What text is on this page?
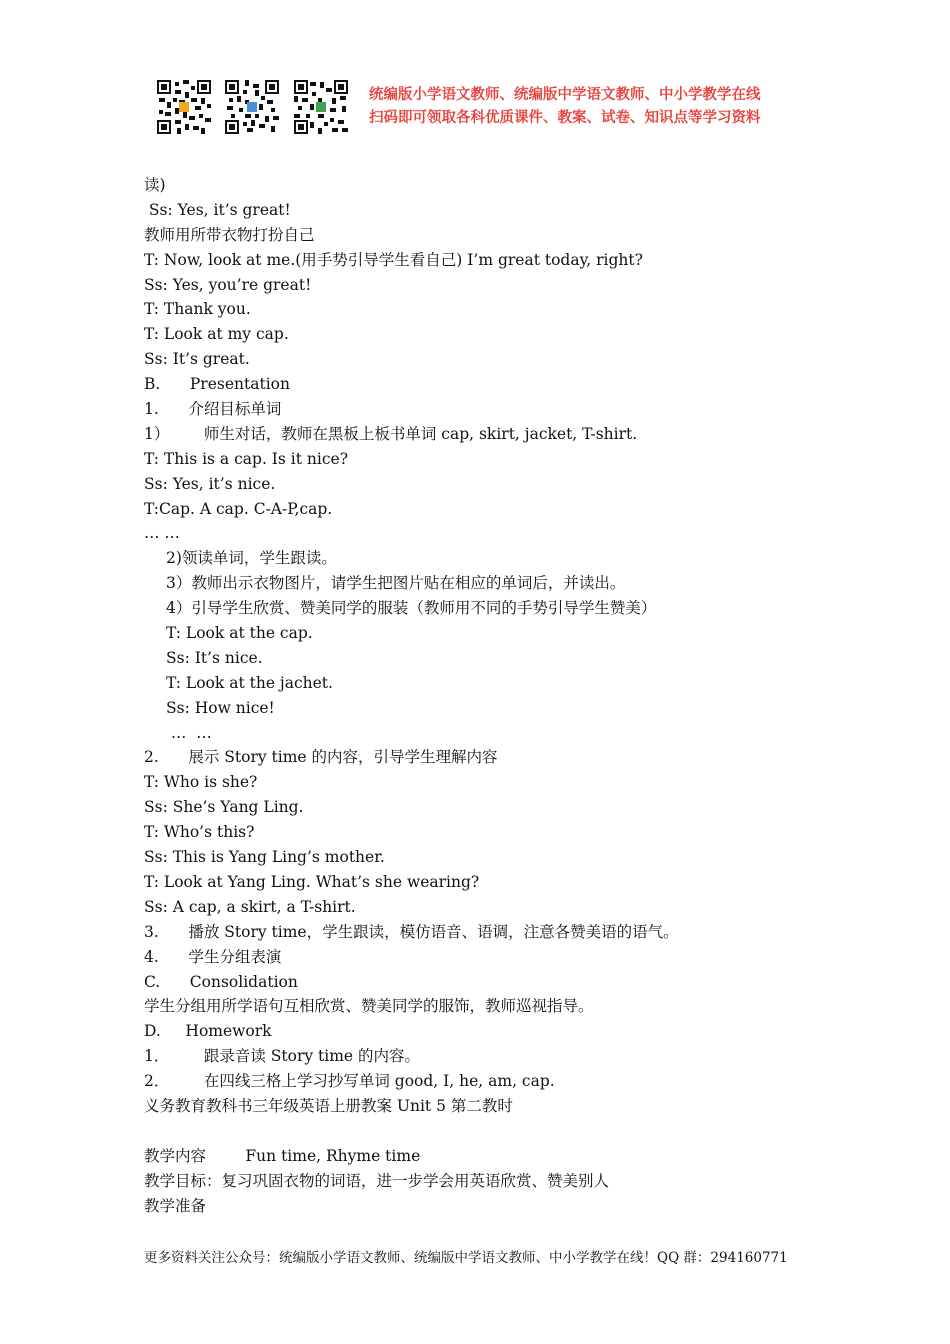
统编版小学语文教师、统编版中学语文教师、中小学教学在线
扫码即可领取各科优质课件、教案、试卷、知识点等学习资料
读)
Ss: Yes, it’s great!
教师用所带衣物打扮自己
T: Now, look at me.(用手势引导学生看自己) I’m great today, right?
Ss: Yes, you’re great!
T: Thank you.
T: Look at my cap.
Ss: It’s great.
B.      Presentation
1.      介绍目标单词
1）       师生对话，教师在黑板上板书单词 cap, skirt, jacket, T-shirt.
T: This is a cap. Is it nice?
Ss: Yes, it’s nice.
T:Cap. A cap. C-A-P,cap.
… …
2)领读单词，学生跟读。
3）教师出示衣物图片，请学生把图片贴在相应的单词后，并读出。
4）引导学生欣赏、赞美同学的服装（教师用不同的手势引导学生赞美）
T: Look at the cap.
Ss: It’s nice.
T: Look at the jachet.
Ss: How nice!
…  …
2.      展示 Story time 的内容，引导学生理解内容
T: Who is she?
Ss: She’s Yang Ling.
T: Who’s this?
Ss: This is Yang Ling’s mother.
T: Look at Yang Ling. What’s she wearing?
Ss: A cap, a skirt, a T-shirt.
3.      播放 Story time，学生跟读，模仿语音、语调，注意各赞美语的语气。
4.      学生分组表演
C.      Consolidation
学生分组用所学语句互相欣赏、赞美同学的服饰，教师巡视指导。
D.     Homework
1．       跟录音读 Story time 的内容。
2．       在四线三格上学习抄写单词 good, I, he, am, cap.
义务教育教科书三年级英语上册教案 Unit 5 第二教时
教学内容        Fun time, Rhyme time
教学目标：复习巩固衣物的词语，进一步学会用英语欣赏、赞美别人
教学准备
更多资料关注公众号：统编版小学语文教师、统编版中学语文教师、中小学教学在线！QQ 群：294160771
